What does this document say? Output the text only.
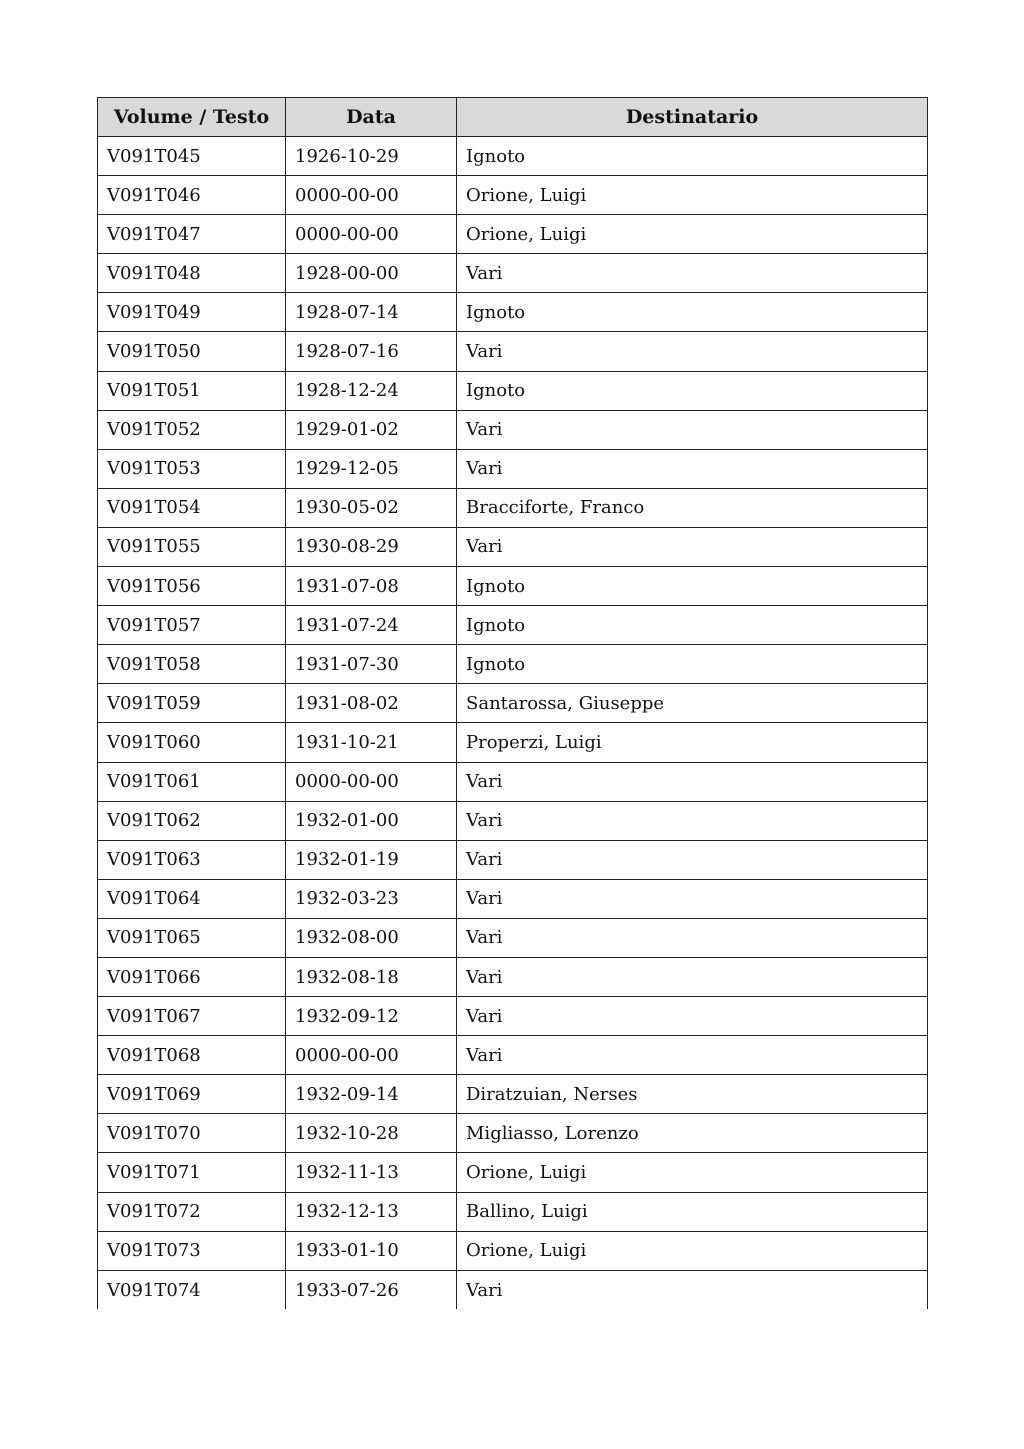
Volume / Testo	Data	Destinatario
V091T045	1926-10-29	Ignoto
V091T046	0000-00-00	Orione, Luigi
V091T047	0000-00-00	Orione, Luigi
V091T048	1928-00-00	Vari
V091T049	1928-07-14	Ignoto
V091T050	1928-07-16	Vari
V091T051	1928-12-24	Ignoto
V091T052	1929-01-02	Vari
V091T053	1929-12-05	Vari
V091T054	1930-05-02	Bracciforte, Franco
V091T055	1930-08-29	Vari
V091T056	1931-07-08	Ignoto
V091T057	1931-07-24	Ignoto
V091T058	1931-07-30	Ignoto
V091T059	1931-08-02	Santarossa, Giuseppe
V091T060	1931-10-21	Properzi, Luigi
V091T061	0000-00-00	Vari
V091T062	1932-01-00	Vari
V091T063	1932-01-19	Vari
V091T064	1932-03-23	Vari
V091T065	1932-08-00	Vari
V091T066	1932-08-18	Vari
V091T067	1932-09-12	Vari
V091T068	0000-00-00	Vari
V091T069	1932-09-14	Diratzuian, Nerses
V091T070	1932-10-28	Migliasso, Lorenzo
V091T071	1932-11-13	Orione, Luigi
V091T072	1932-12-13	Ballino, Luigi
V091T073	1933-01-10	Orione, Luigi
V091T074	1933-07-26	Vari
